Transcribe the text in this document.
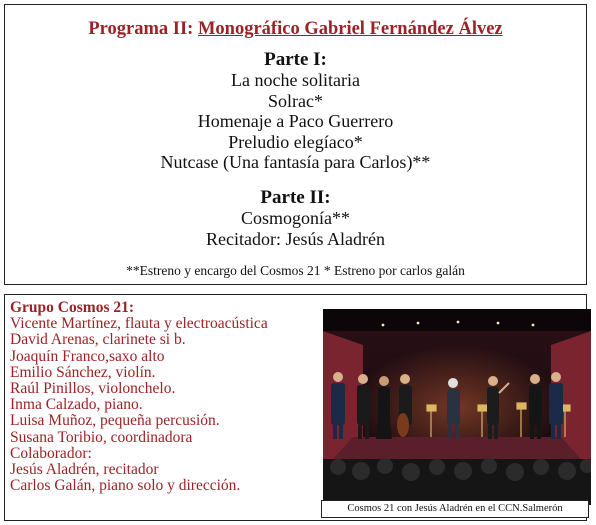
Programa II: Monográfico Gabriel Fernández Álvez
Parte I:
La noche solitaria
Solrac*
Homenaje a Paco Guerrero
Preludio elegíaco*
Nutcase (Una fantasía para Carlos)**
Parte II:
Cosmogonía**
Recitador: Jesús Aladrén
**Estreno y encargo del Cosmos 21 * Estreno por carlos galán
Grupo Cosmos 21:
Vicente Martínez, flauta y electroacústica
David Arenas, clarinete si b.
Joaquín Franco,saxo alto
Emilio Sánchez, violín.
Raúl Pinillos, violonchelo.
Inma Calzado, piano.
Luisa Muñoz, pequeña percusión.
Susana Toribio, coordinadora
Colaborador:
Jesús Aladrén, recitador
Carlos Galán, piano solo y dirección.
Cosmos 21 con Jesús Aladrén en el CCN.Salmerón
